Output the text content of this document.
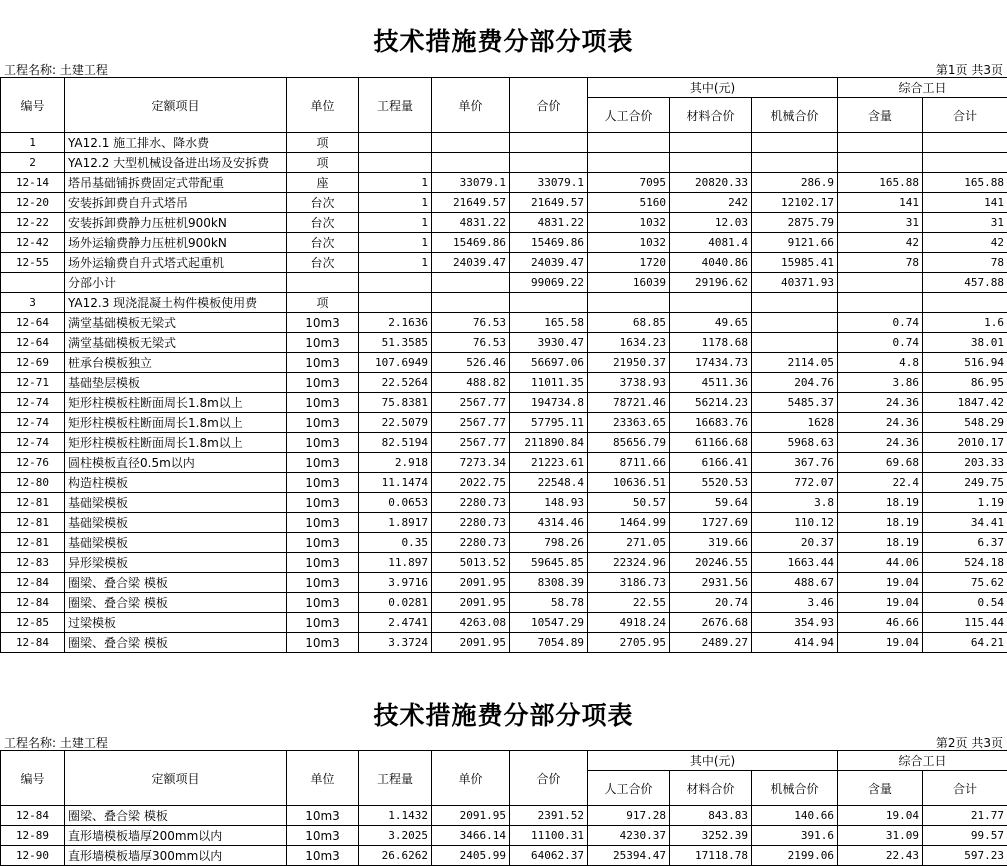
技术措施费分部分项表
工程名称: 土建工程	第1页 共3页
编号	定额项目	单位	工程量	单价	合价	其中(元)			综合工日	
						人工合价	材料合价	机械合价	含量	合计
1	YA12.1 施工排水、降水费	项								
2	YA12.2 大型机械设备进出场及安拆费	项								
12-14	塔吊基础铺拆费固定式带配重	座	1	33079.1	33079.1	7095	20820.33	286.9	165.88	165.88
12-20	安装拆卸费自升式塔吊	台次	1	21649.57	21649.57	5160	242	12102.17	141	141
12-22	安装拆卸费静力压桩机900kN	台次	1	4831.22	4831.22	1032	12.03	2875.79	31	31
12-42	场外运输费静力压桩机900kN	台次	1	15469.86	15469.86	1032	4081.4	9121.66	42	42
12-55	场外运输费自升式塔式起重机	台次	1	24039.47	24039.47	1720	4040.86	15985.41	78	78
	分部小计				99069.22	16039	29196.62	40371.93		457.88
3	YA12.3 现浇混凝土构件模板使用费	项								
12-64	满堂基础模板无梁式	10m3	2.1636	76.53	165.58	68.85	49.65		0.74	1.6
12-64	满堂基础模板无梁式	10m3	51.3585	76.53	3930.47	1634.23	1178.68		0.74	38.01
12-69	桩承台模板独立	10m3	107.6949	526.46	56697.06	21950.37	17434.73	2114.05	4.8	516.94
12-71	基础垫层模板	10m3	22.5264	488.82	11011.35	3738.93	4511.36	204.76	3.86	86.95
12-74	矩形柱模板柱断面周长1.8m以上	10m3	75.8381	2567.77	194734.8	78721.46	56214.23	5485.37	24.36	1847.42
12-74	矩形柱模板柱断面周长1.8m以上	10m3	22.5079	2567.77	57795.11	23363.65	16683.76	1628	24.36	548.29
12-74	矩形柱模板柱断面周长1.8m以上	10m3	82.5194	2567.77	211890.84	85656.79	61166.68	5968.63	24.36	2010.17
12-76	圆柱模板直径0.5m以内	10m3	2.918	7273.34	21223.61	8711.66	6166.41	367.76	69.68	203.33
12-80	构造柱模板	10m3	11.1474	2022.75	22548.4	10636.51	5520.53	772.07	22.4	249.75
12-81	基础梁模板	10m3	0.0653	2280.73	148.93	50.57	59.64	3.8	18.19	1.19
12-81	基础梁模板	10m3	1.8917	2280.73	4314.46	1464.99	1727.69	110.12	18.19	34.41
12-81	基础梁模板	10m3	0.35	2280.73	798.26	271.05	319.66	20.37	18.19	6.37
12-83	异形梁模板	10m3	11.897	5013.52	59645.85	22324.96	20246.55	1663.44	44.06	524.18
12-84	圈梁、叠合梁 模板	10m3	3.9716	2091.95	8308.39	3186.73	2931.56	488.67	19.04	75.62
12-84	圈梁、叠合梁 模板	10m3	0.0281	2091.95	58.78	22.55	20.74	3.46	19.04	0.54
12-85	过梁模板	10m3	2.4741	4263.08	10547.29	4918.24	2676.68	354.93	46.66	115.44
12-84	圈梁、叠合梁 模板	10m3	3.3724	2091.95	7054.89	2705.95	2489.27	414.94	19.04	64.21
技术措施费分部分项表
工程名称: 土建工程	第2页 共3页
编号	定额项目	单位	工程量	单价	合价	其中(元)			综合工日	
						人工合价	材料合价	机械合价	含量	合计
12-84	圈梁、叠合梁 模板	10m3	1.1432	2091.95	2391.52	917.28	843.83	140.66	19.04	21.77
12-89	直形墙模板墙厚200mm以内	10m3	3.2025	3466.14	11100.31	4230.37	3252.39	391.6	31.09	99.57
12-90	直形墙模板墙厚300mm以内	10m3	26.6262	2405.99	64062.37	25394.47	17118.78	2199.06	22.43	597.23
